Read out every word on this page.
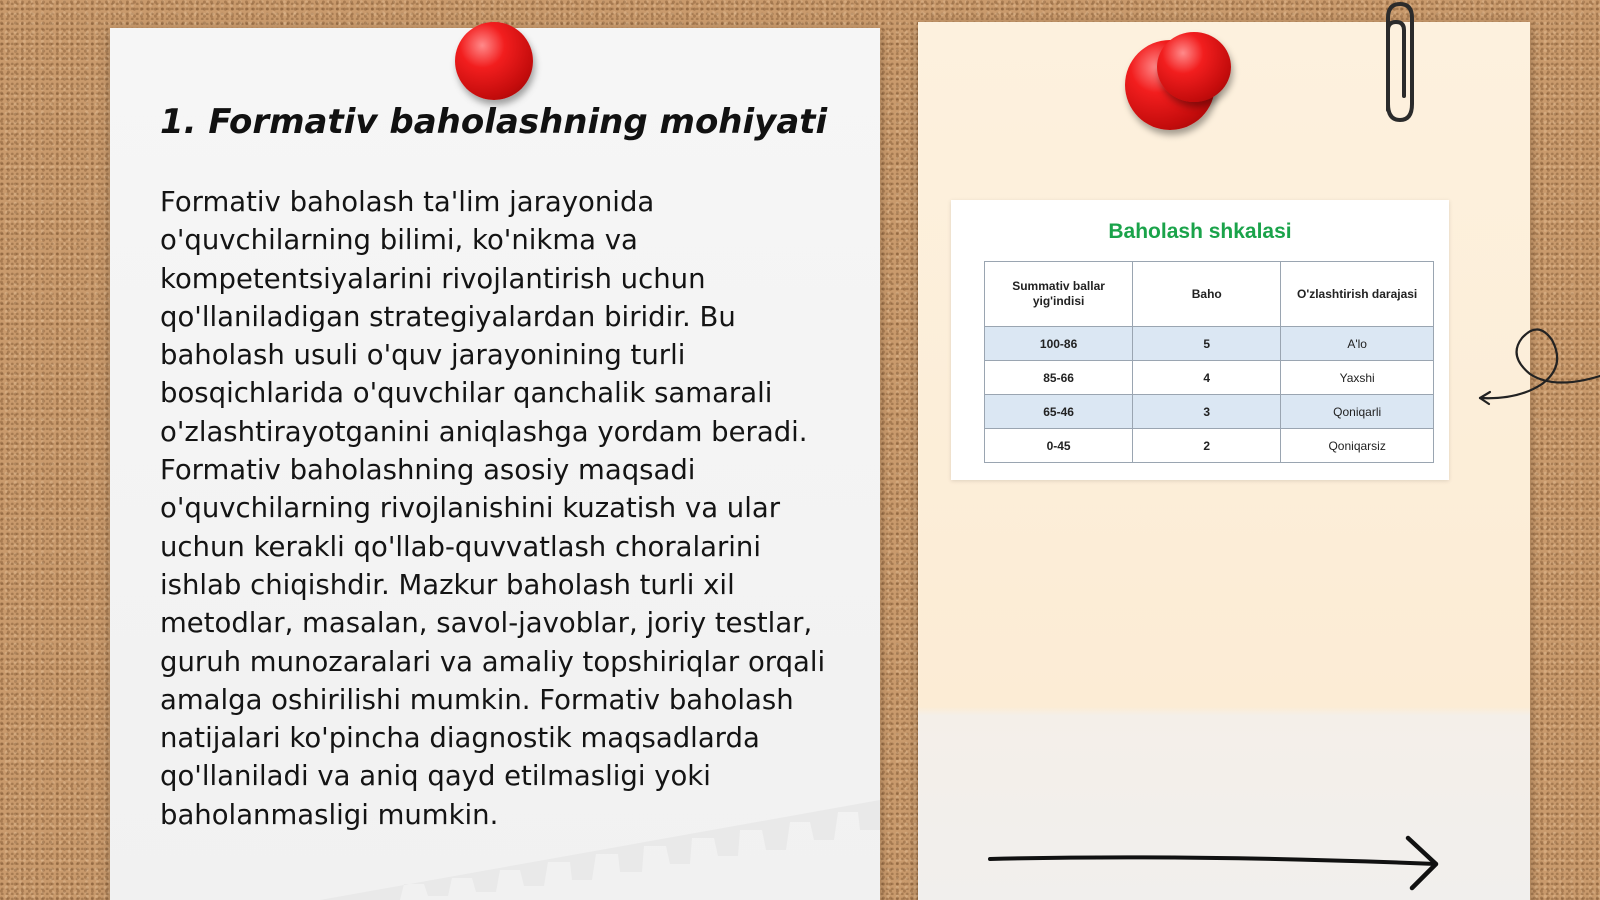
1. Formativ baholashning mohiyati

Formativ baholash ta'lim jarayonida o'quvchilarning bilimi, ko'nikma va kompetentsiyalarini rivojlantirish uchun qo'llaniladigan strategiyalardan biridir. Bu baholash usuli o'quv jarayonining turli bosqichlarida o'quvchilar qanchalik samarali o'zlashtirayotganini aniqlashga yordam beradi. Formativ baholashning asosiy maqsadi o'quvchilarning rivojlanishini kuzatish va ular uchun kerakli qo'llab-quvvatlash choralarini ishlab chiqishdir. Mazkur baholash turli xil metodlar, masalan, savol-javoblar, joriy testlar, guruh munozaralari va amaliy topshiriqlar orqali amalga oshirilishi mumkin. Formativ baholash natijalari ko'pincha diagnostik maqsadlarda qo'llaniladi va aniq qayd etilmasligi yoki baholanmasligi mumkin.

Baholash shkalasi
Summativ ballar yig'indisi	Baho	O'zlashtirish darajasi
100-86	5	A'lo
85-66	4	Yaxshi
65-46	3	Qoniqarli
0-45	2	Qoniqarsiz
